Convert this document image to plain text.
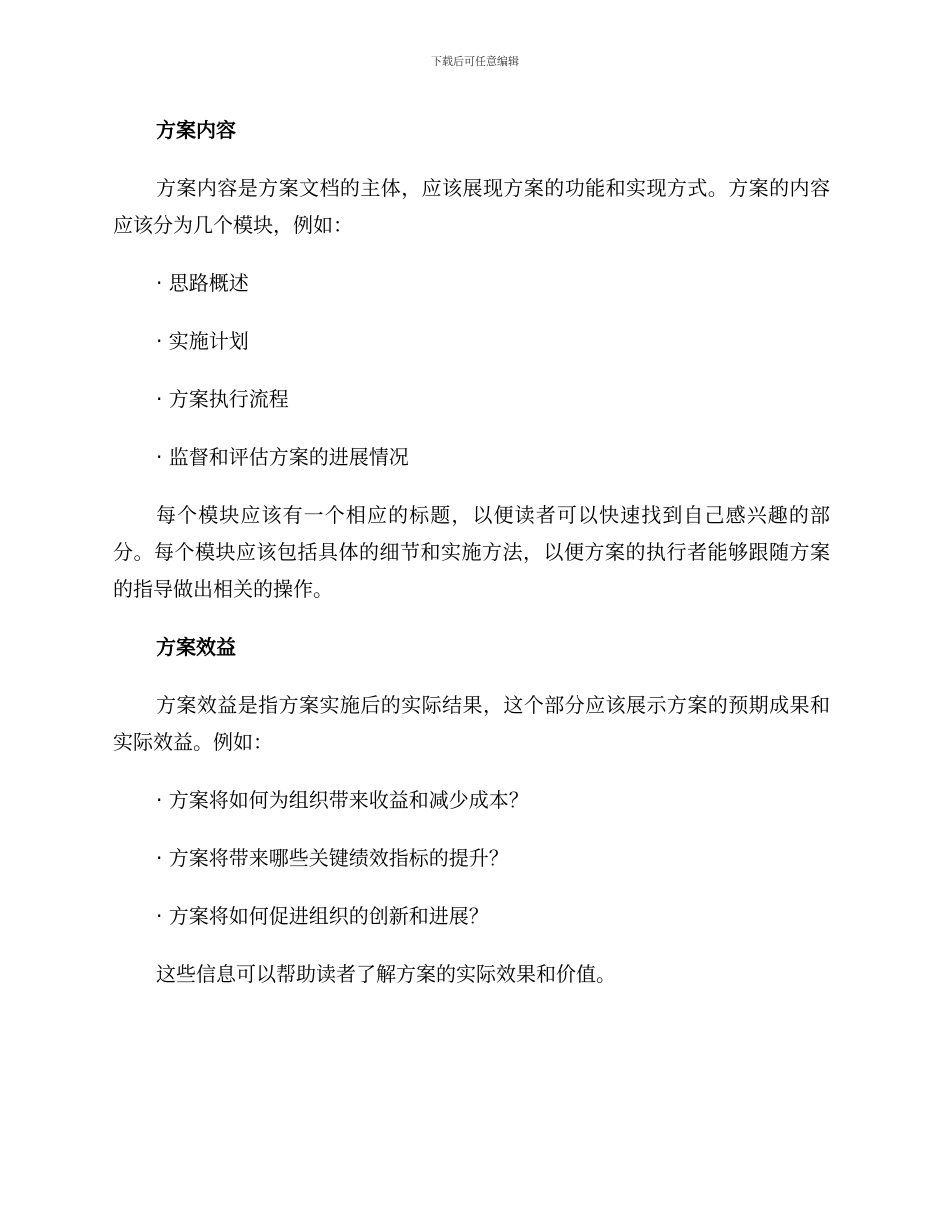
下载后可任意编辑
方案内容
方案内容是方案文档的主体，应该展现方案的功能和实现方式。方案的内容应该分为几个模块，例如：
· 思路概述
· 实施计划
· 方案执行流程
· 监督和评估方案的进展情况
每个模块应该有一个相应的标题，以便读者可以快速找到自己感兴趣的部分。每个模块应该包括具体的细节和实施方法，以便方案的执行者能够跟随方案的指导做出相关的操作。
方案效益
方案效益是指方案实施后的实际结果，这个部分应该展示方案的预期成果和实际效益。例如：
· 方案将如何为组织带来收益和减少成本？
· 方案将带来哪些关键绩效指标的提升？
· 方案将如何促进组织的创新和进展？
这些信息可以帮助读者了解方案的实际效果和价值。
